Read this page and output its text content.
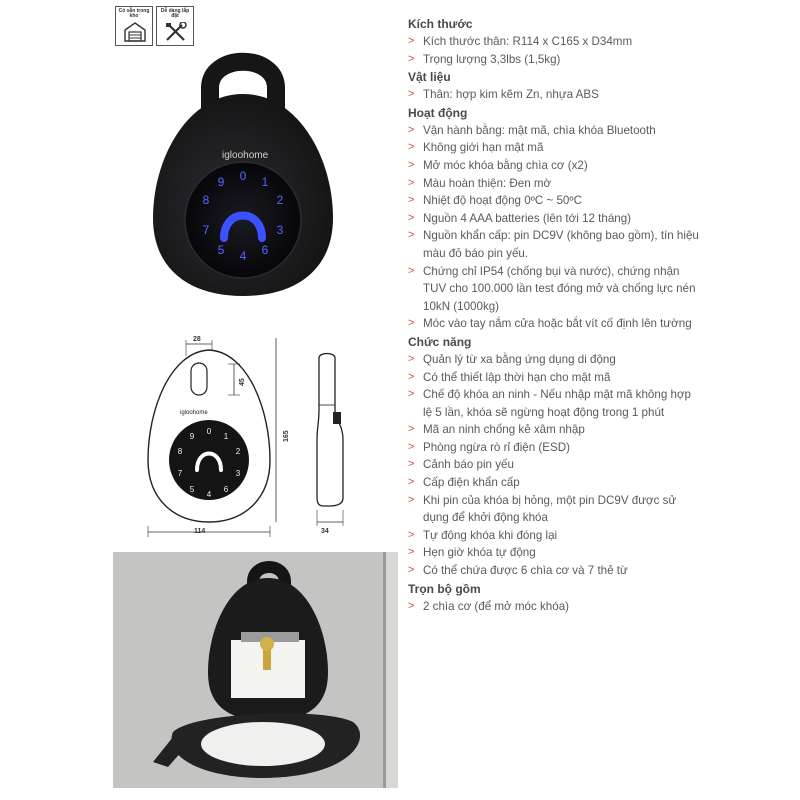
Có sẵn trong kho
Dễ dàng lắp đặt
0 1
9
2
8
3
7
6
5 4
igloohome
28
igloohome
0
1
9
2
8
3
7
6
5
4
45
165
114	34
Kích thước
> Kích thước thân: R114 x C165 x D34mm
> Trọng lượng 3,3lbs (1,5kg)
Vật liệu
> Thân: hợp kim kẽm Zn, nhựa ABS
Hoạt động
> Vận hành bằng: mật mã, chìa khóa Bluetooth
> Không giới hạn mật mã
> Mở móc khóa bằng chìa cơ (x2)
> Màu hoàn thiện: Đen mờ
> Nhiệt độ hoạt động 0ºC ~ 50ºC
> Nguồn 4 AAA batteries (lên tới 12 tháng)
> Nguồn khẩn cấp: pin DC9V (không bao gồm), tín hiệu màu đỏ báo pin yếu.
> Chứng chỉ IP54 (chống bụi và nước), chứng nhận TUV cho 100.000 lần test đóng mở và chống lực nén 10kN (1000kg)
> Móc vào tay nắm cửa hoặc bắt vít cố định lên tường
Chức năng
> Quản lý từ xa bằng ứng dụng di động
> Có thể thiết lập thời hạn cho mật mã
> Chế độ khóa an ninh - Nếu nhập mật mã không hợp lệ 5 lần, khóa sẽ ngừng hoạt động trong 1 phút
> Mã an ninh chống kẻ xâm nhập
> Phòng ngừa rò rỉ điện (ESD)
> Cảnh báo pin yếu
> Cấp điện khẩn cấp
> Khi pin của khóa bị hỏng, một pin DC9V được sử dụng để khởi động khóa
> Tự động khóa khi đóng lại
> Hẹn giờ khóa tự động
> Có thể chứa được 6 chìa cơ và 7 thẻ từ
Trọn bộ gồm
> 2 chìa cơ (để mở móc khóa)
